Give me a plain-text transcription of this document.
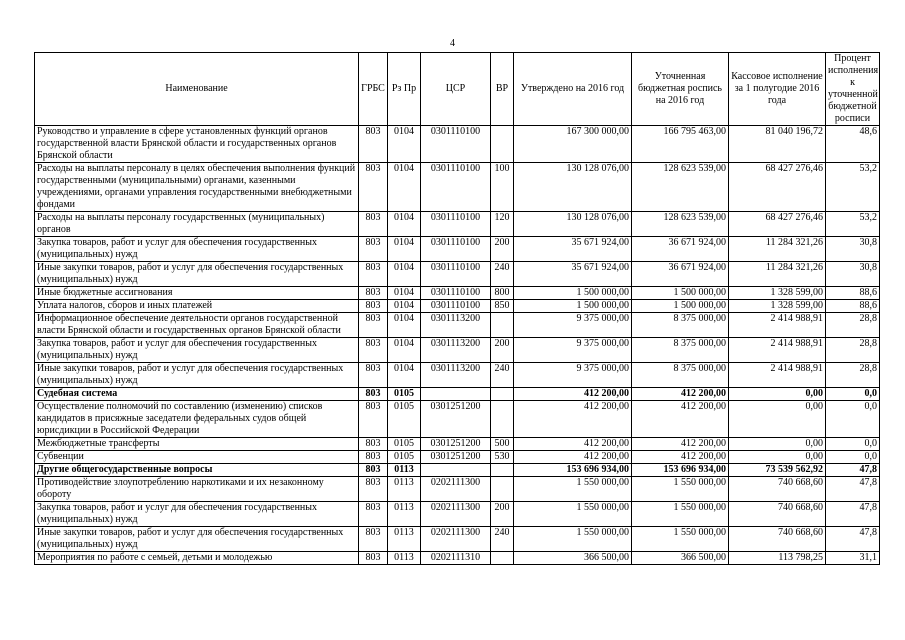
4
Наименование	ГРБС	Рз Пр	ЦСР	ВР	Утверждено на 2016 год	Уточненная бюджетная роспись на 2016 год	Кассовое исполнение за 1 полугодие 2016 года	Процент исполнения к уточненной бюджетной росписи
Руководство и управление в сфере установленных функций органов государственной власти Брянской области и государственных органов Брянской области	803	0104	0301110100		167 300 000,00	166 795 463,00	81 040 196,72	48,6
Расходы на выплаты персоналу в целях обеспечения выполнения функций государственными (муниципальными) органами, казенными учреждениями, органами управления государственными внебюджетными фондами	803	0104	0301110100	100	130 128 076,00	128 623 539,00	68 427 276,46	53,2
Расходы на выплаты персоналу государственных (муниципальных) органов	803	0104	0301110100	120	130 128 076,00	128 623 539,00	68 427 276,46	53,2
Закупка товаров, работ и услуг для обеспечения государственных (муниципальных) нужд	803	0104	0301110100	200	35 671 924,00	36 671 924,00	11 284 321,26	30,8
Иные закупки товаров, работ и услуг для обеспечения государственных (муниципальных) нужд	803	0104	0301110100	240	35 671 924,00	36 671 924,00	11 284 321,26	30,8
Иные бюджетные ассигнования	803	0104	0301110100	800	1 500 000,00	1 500 000,00	1 328 599,00	88,6
Уплата налогов, сборов и иных платежей	803	0104	0301110100	850	1 500 000,00	1 500 000,00	1 328 599,00	88,6
Информационное обеспечение деятельности органов государственной власти Брянской области и государственных органов Брянской области	803	0104	0301113200		9 375 000,00	8 375 000,00	2 414 988,91	28,8
Закупка товаров, работ и услуг для обеспечения государственных (муниципальных) нужд	803	0104	0301113200	200	9 375 000,00	8 375 000,00	2 414 988,91	28,8
Иные закупки товаров, работ и услуг для обеспечения государственных (муниципальных) нужд	803	0104	0301113200	240	9 375 000,00	8 375 000,00	2 414 988,91	28,8
Судебная система	803	0105			412 200,00	412 200,00	0,00	0,0
Осуществление полномочий по составлению (изменению) списков кандидатов в присяжные заседатели федеральных судов общей юрисдикции в Российской Федерации	803	0105	0301251200		412 200,00	412 200,00	0,00	0,0
Межбюджетные трансферты	803	0105	0301251200	500	412 200,00	412 200,00	0,00	0,0
Субвенции	803	0105	0301251200	530	412 200,00	412 200,00	0,00	0,0
Другие общегосударственные вопросы	803	0113			153 696 934,00	153 696 934,00	73 539 562,92	47,8
Противодействие злоупотреблению наркотиками и их незаконному обороту	803	0113	0202111300		1 550 000,00	1 550 000,00	740 668,60	47,8
Закупка товаров, работ и услуг для обеспечения государственных (муниципальных) нужд	803	0113	0202111300	200	1 550 000,00	1 550 000,00	740 668,60	47,8
Иные закупки товаров, работ и услуг для обеспечения государственных (муниципальных) нужд	803	0113	0202111300	240	1 550 000,00	1 550 000,00	740 668,60	47,8
Мероприятия по работе с семьей, детьми и молодежью	803	0113	0202111310		366 500,00	366 500,00	113 798,25	31,1
